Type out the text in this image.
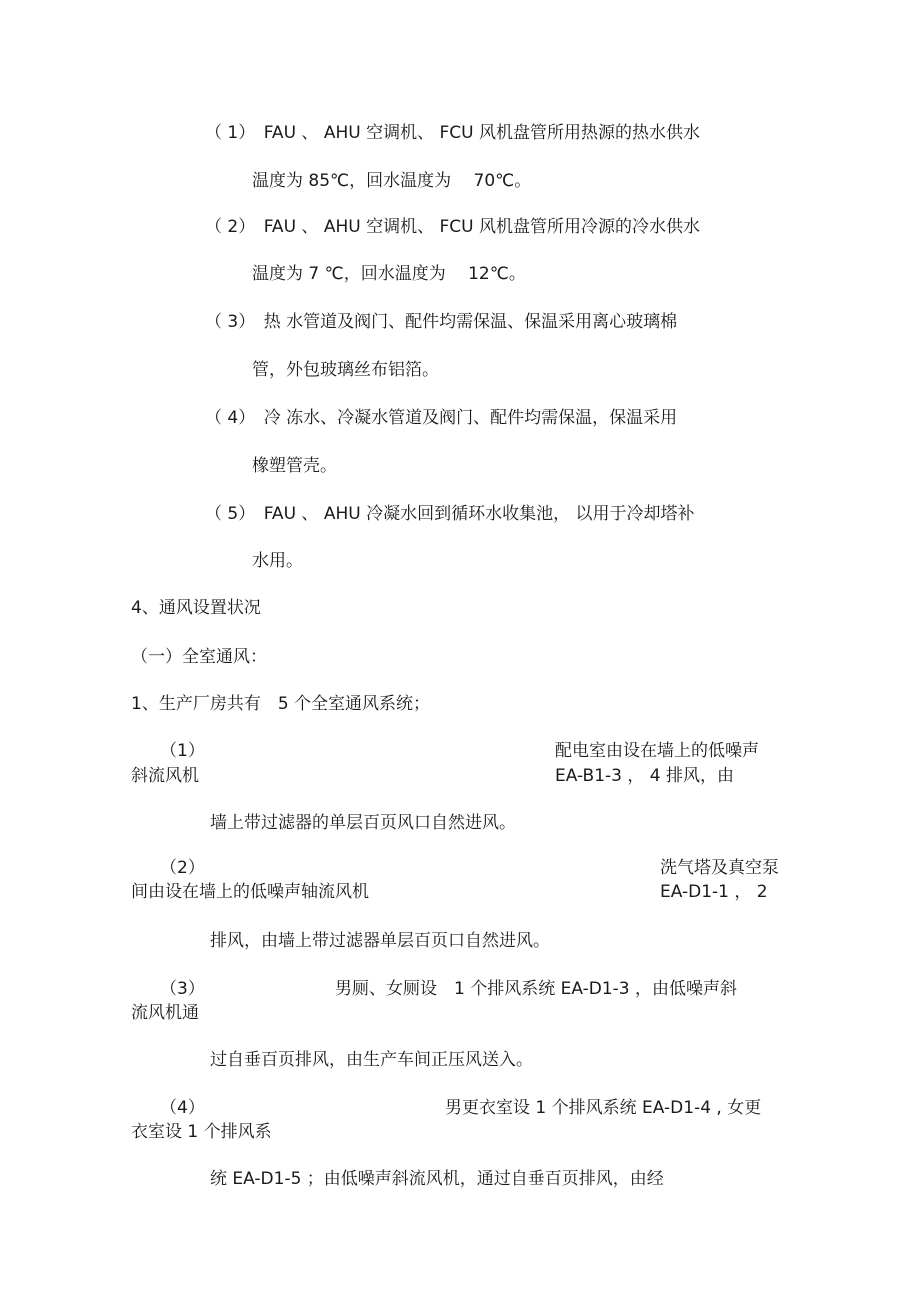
（ 1）　FAU 、 AHU 空调机、 FCU 风机盘管所用热源的热水供水
温度为 85℃，回水温度为　 70℃。
（ 2）　FAU 、 AHU 空调机、 FCU 风机盘管所用冷源的冷水供水
温度为 7 ℃，回水温度为　 12℃。
（ 3）　热 水管道及阀门、配件均需保温、保温采用离心玻璃棉
管，外包玻璃丝布铝箔。
（ 4）　冷 冻水、冷凝水管道及阀门、配件均需保温，保温采用
橡塑管壳。
（ 5）　FAU 、 AHU 冷凝水回到循环水收集池， 以用于冷却塔补
水用。
4、通风设置状况
（一）全室通风：
1、生产厂房共有　5 个全室通风系统；
（1）	配电室由设在墙上的低噪声
斜流风机	EA-B1-3 ， 4 排风，由
墙上带过滤器的单层百页风口自然进风。
（2）	洗气塔及真空泵
间由设在墙上的低噪声轴流风机	EA-D1-1 ， 2
排风，由墙上带过滤器单层百页口自然进风。
（3）	男厕、女厕设　1 个排风系统 EA-D1-3 ，由低噪声斜
流风机通
过自垂百页排风，由生产车间正压风送入。
（4）	男更衣室设 1 个排风系统 EA-D1-4 , 女更
衣室设 1 个排风系
统 EA-D1-5 ；由低噪声斜流风机，通过自垂百页排风，由经
